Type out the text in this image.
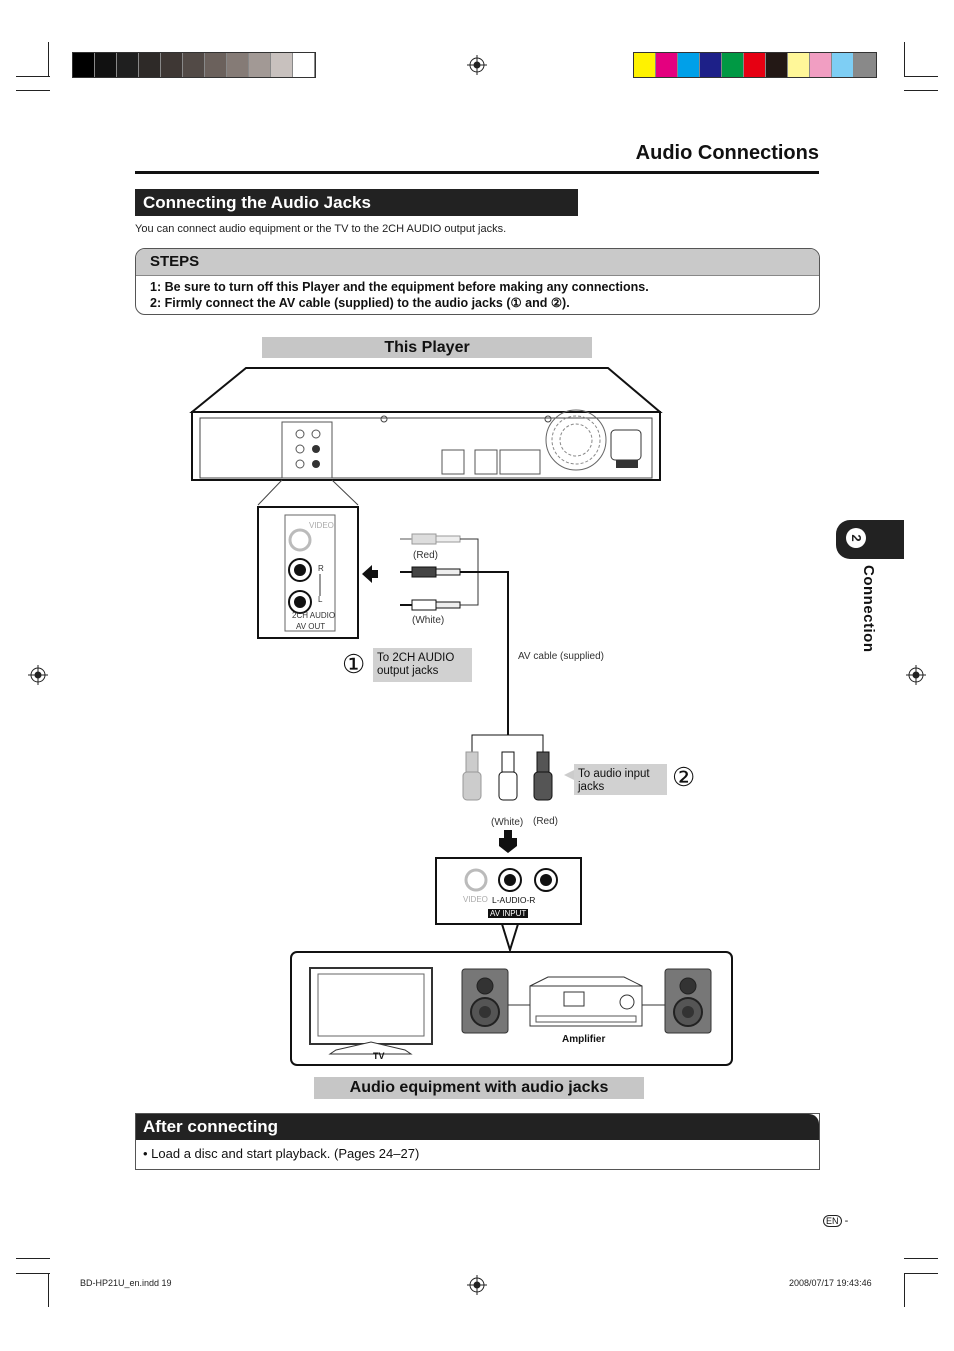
Audio Connections
Connecting the Audio Jacks
You can connect audio equipment or the TV to the 2CH AUDIO output jacks.
STEPS
1: Be sure to turn off this Player and the equipment before making any connections.
2: Firmly connect the AV cable (supplied) to the audio jacks (① and ②).
This Player
VIDEO
R
L
2CH AUDIO
AV OUT
(Red)
(White)
①	To 2CH AUDIO output jacks
AV cable (supplied)
To audio input jacks	②
(White) (Red)
VIDEO L-AUDIO-R
AV INPUT
TV
Amplifier
Audio equipment with audio jacks
2
Connection
After connecting
• Load a disc and start playback. (Pages 24–27)
EN -
BD-HP21U_en.indd 19	2008/07/17 19:43:46
